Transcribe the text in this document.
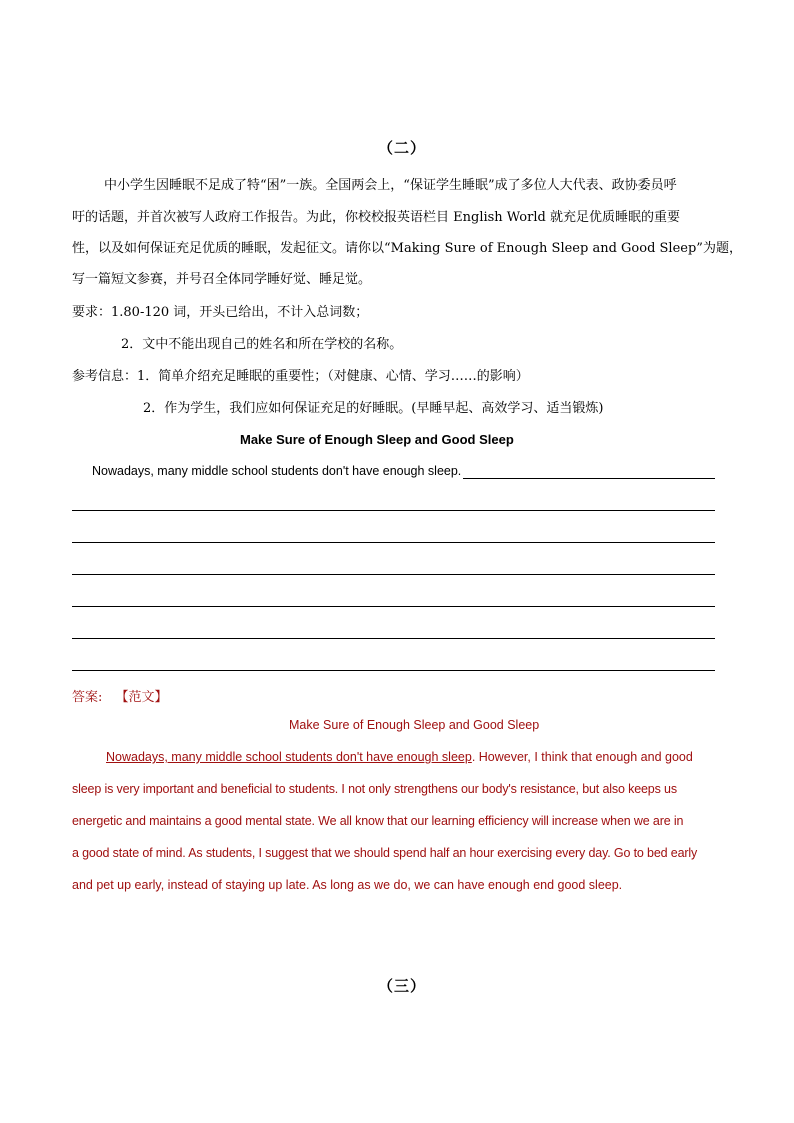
（二）
中小学生因睡眠不足成了特“困”一族。全国两会上，“保证学生睡眠”成了多位人大代表、政协委员呼
吁的话题，并首次被写人政府工作报告。为此，你校校报英语栏目 English World 就充足优质睡眠的重要
性，以及如何保证充足优质的睡眠，发起征文。请你以“Making Sure of Enough Sleep and Good Sleep”为题，
写一篇短文参赛，并号召全体同学睡好觉、睡足觉。
要求：1.80-120 词，开头已给出，不计入总词数；
2．文中不能出现自己的姓名和所在学校的名称。
参考信息：1．简单介绍充足睡眠的重要性；（对健康、心情、学习……的影响）
2．作为学生，我们应如何保证充足的好睡眠。(早睡早起、高效学习、适当锻炼)
Make Sure of Enough Sleep and Good Sleep
Nowadays, many middle school students don't have enough sleep.
答案: 【范文】
Make Sure of Enough Sleep and Good Sleep
Nowadays, many middle school students don't have enough sleep. However, I think that enough and good
sleep is very important and beneficial to students. I not only strengthens our body's resistance, but also keeps us
energetic and maintains a good mental state. We all know that our learning efficiency will increase when we are in
a good state of mind. As students, I suggest that we should spend half an hour exercising every day. Go to bed early
and pet up early, instead of staying up late. As long as we do, we can have enough end good sleep.
（三）
